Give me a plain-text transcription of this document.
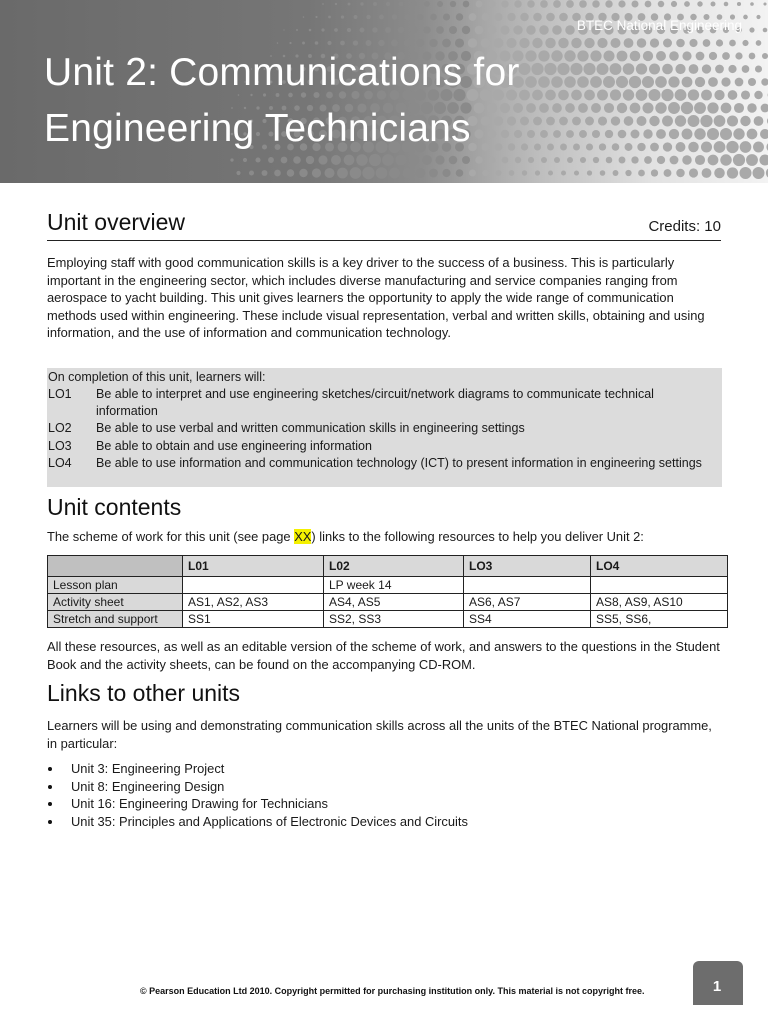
BTEC National Engineering
Unit 2: Communications for
Engineering Technicians
Unit overview	Credits: 10

Employing staff with good communication skills is a key driver to the success of a business. This is particularly important in the engineering sector, which includes diverse manufacturing and service companies ranging from aerospace to yacht building. This unit gives learners the opportunity to apply the wide range of communication methods used within engineering. These include visual representation, verbal and written skills, obtaining and using information, and the use of information and communication technology.

On completion of this unit, learners will:
LO1 Be able to interpret and use engineering sketches/circuit/network diagrams to communicate technical information
LO2 Be able to use verbal and written communication skills in engineering settings
LO3 Be able to obtain and use engineering information
LO4 Be able to use information and communication technology (ICT) to present information in engineering settings
Unit contents

The scheme of work for this unit (see page XX) links to the following resources to help you deliver Unit 2:

	L01	L02	LO3	LO4
Lesson plan		LP week 14		
Activity sheet	AS1, AS2, AS3	AS4, AS5	AS6, AS7	AS8, AS9, AS10
Stretch and support	SS1	SS2, SS3	SS4	SS5, SS6,

All these resources, as well as an editable version of the scheme of work, and answers to the questions in the Student Book and the activity sheets, can be found on the accompanying CD-ROM.

Links to other units

Learners will be using and demonstrating communication skills across all the units of the BTEC National programme, in particular:

Unit 3: Engineering Project
Unit 8: Engineering Design
Unit 16: Engineering Drawing for Technicians
Unit 35: Principles and Applications of Electronic Devices and Circuits
© Pearson Education Ltd 2010. Copyright permitted for purchasing institution only. This material is not copyright free.	1
